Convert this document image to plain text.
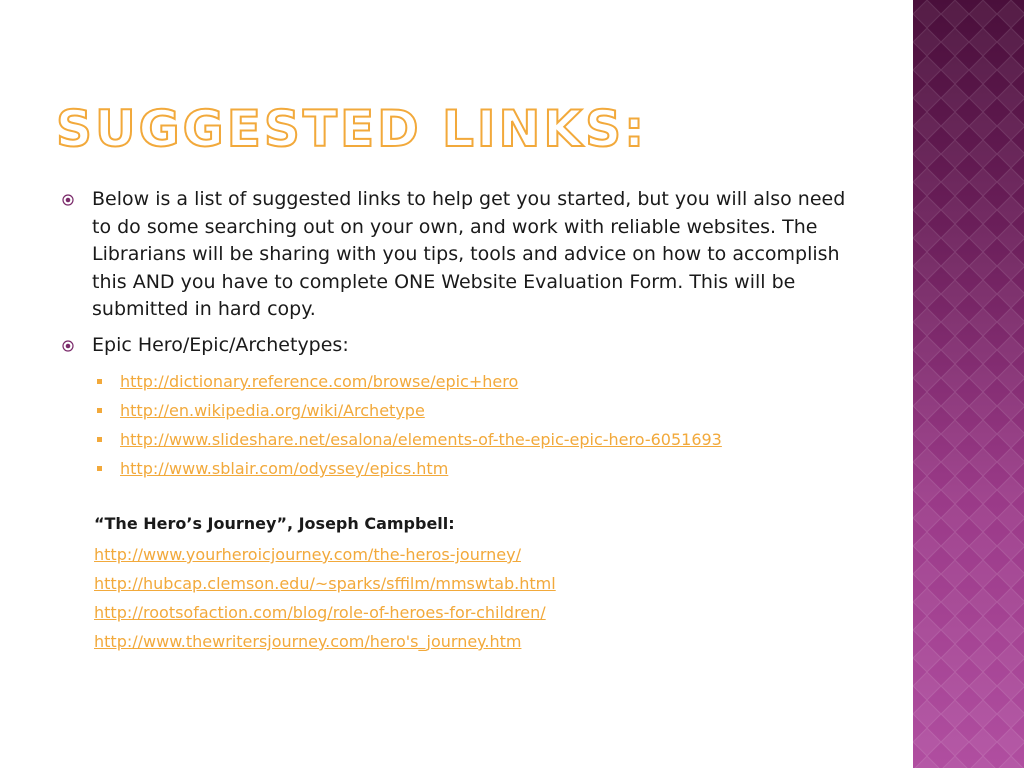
SUGGESTED LINKS:
Below is a list of suggested links to help get you started, but you will also need to do some searching out on your own, and work with reliable websites. The Librarians will be sharing with you tips, tools and advice on how to accomplish this AND you have to complete ONE Website Evaluation Form. This will be submitted in hard copy.
Epic Hero/Epic/Archetypes:
http://dictionary.reference.com/browse/epic+hero
http://en.wikipedia.org/wiki/Archetype
http://www.slideshare.net/esalona/elements-of-the-epic-epic-hero-6051693
http://www.sblair.com/odyssey/epics.htm
“The Hero’s Journey”, Joseph Campbell:
http://www.yourheroicjourney.com/the-heros-journey/
http://hubcap.clemson.edu/~sparks/sffilm/mmswtab.html
http://rootsofaction.com/blog/role-of-heroes-for-children/
http://www.thewritersjourney.com/hero's_journey.htm
